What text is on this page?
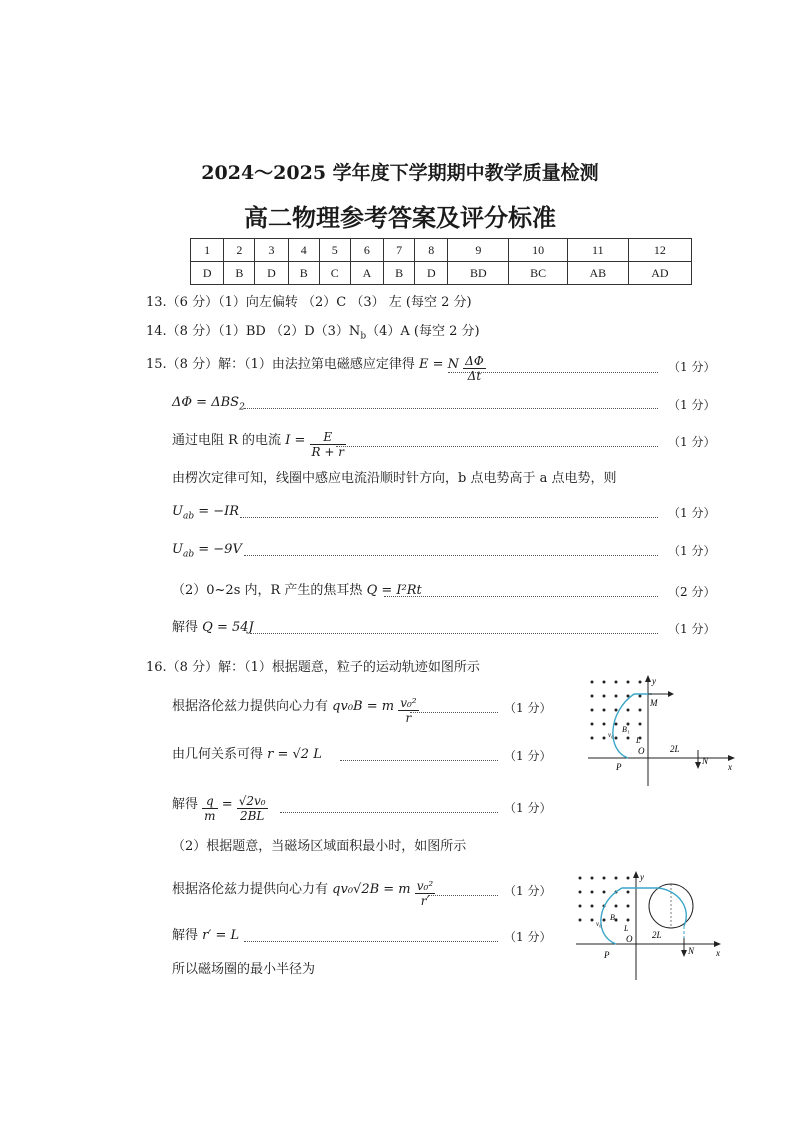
2024～2025 学年度下学期期中教学质量检测
高二物理参考答案及评分标准
1	2	3	4	5	6	7	8	9	10	11	12
D	B	D	B	C	A	B	D	BD	BC	AB	AD
13.（6 分）（1）向左偏转 （2）C （3） 左 (每空 2 分)
14.（8 分）（1）BD $(2)D(3)N_b(4)A$ (每空 2 分)
15.（8 分）解：（1）由法拉第电磁感应定律得 E = N $\frac{\Delta\Phi}{\Delta t}$	（1 分）
$\Delta\Phi = \Delta BS_2$	（1 分）
通过电阻 R 的电流 $I = \frac{E}{R + r}$	（1 分）
由楞次定律可知，线圈中感应电流沿顺时针方向，b 点电势高于 a 点电势，则
$U_{ab} = -IR$	（1 分）
$U_{ab} = -9V$	（1 分）
（2）0~2s 内，R 产生的焦耳热 Q = I²Rt	（2 分）
解得 Q = 54J	（1 分）
16.（8 分）解：（1）根据题意，粒子的运动轨迹如图所示
根据洛伦兹力提供向心力有 qv₀B = m $\frac{\text{v₀²}}{r}$	（1 分）
由几何关系可得 r = √2 L	（1 分）
解得 $\frac{q}{m} = \frac{\text{√2v₀}}{2BL}$	（1 分）
（2）根据题意，当磁场区域面积最小时，如图所示
根据洛伦兹力提供向心力有 qv₀√2B = m $\frac{\text{v₀²}}{r'}$	（1 分）
解得 r′ = L	（1 分）
所以磁场圈的最小半径为
y
x
M
N
O
P
L
2L
B₁
v₀
y
x
N
O
P
L
2L
B₁
v₀
